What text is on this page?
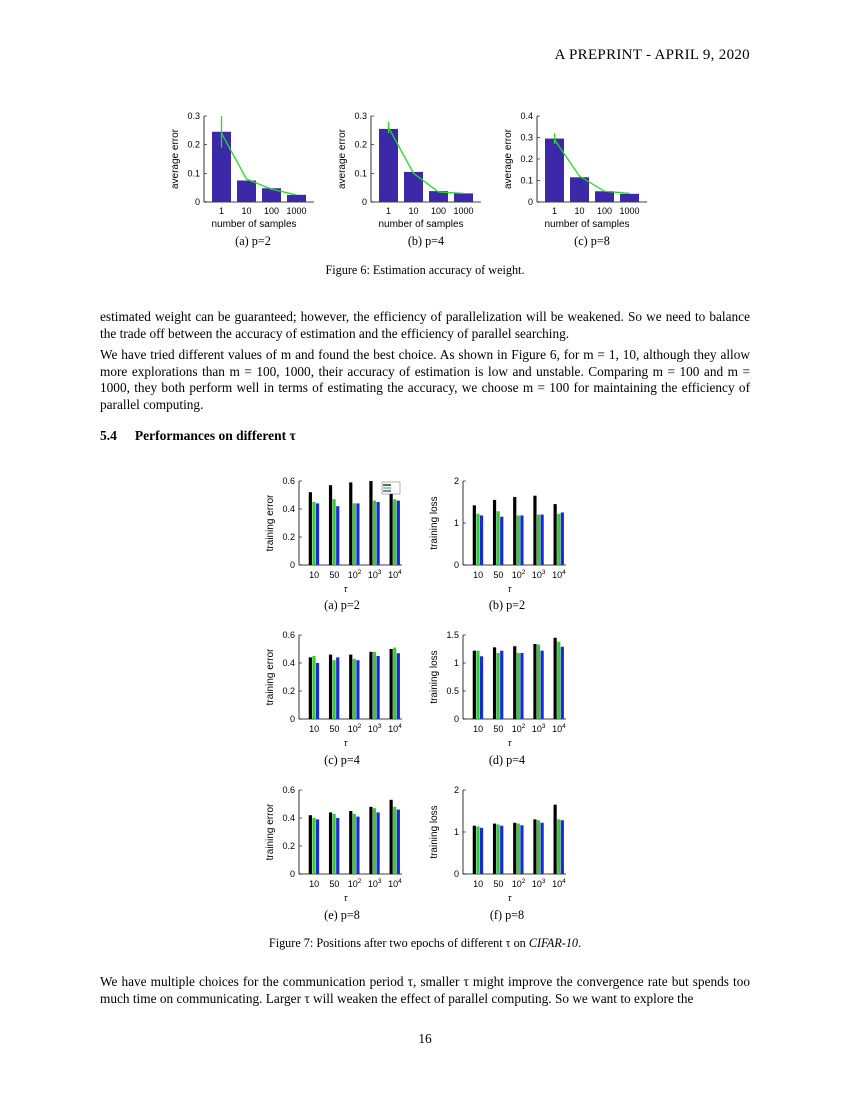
A PREPRINT - APRIL 9, 2020
0
0.1
0.2
0.3
average error
1 10 100 1000
number of samples
0
0.1
0.2
0.3
average error
1 10 100 1000
number of samples
0
0.1
0.2
0.3
0.4
average error
1 10 100 1000
number of samples
(a) p=2	(b) p=4	(c) p=8
Figure 6: Estimation accuracy of weight.
estimated weight can be guaranteed; however, the efficiency of parallelization will be weakened. So we need to balance the trade off between the accuracy of estimation and the efficiency of parallel searching.
We have tried different values of m and found the best choice. As shown in Figure 6, for m = 1, 10, although they allow more explorations than m = 100, 1000, their accuracy of estimation is low and unstable. Comparing m = 100 and m = 1000, they both perform well in terms of estimating the accuracy, we choose m = 100 for maintaining the efficiency of parallel computing.
5.4 Performances on different τ
0
0.2
0.4
0.6
training error
10 50 $10^2$ $10^3$ $10^4$
τ
0
1
2
training loss
10 50 $10^2$ $10^3$ $10^4$
τ
0
0.2
0.4
0.6
training error
10 50 $10^2$ $10^3$ $10^4$
τ
0
0.5
1
1.5
training loss
10 50 $10^2$ $10^3$ $10^4$
τ
0
0.2
0.4
0.6
training error
10 50 $10^2$ $10^3$ $10^4$
τ
0
1
2
training loss
10 50 $10^2$ $10^3$ $10^4$
τ
(a) p=2	(b) p=2
(c) p=4	(d) p=4
(e) p=8	(f) p=8
Figure 7: Positions after two epochs of different τ on CIFAR-10.
We have multiple choices for the communication period τ, smaller τ might improve the convergence rate but spends too much time on communicating. Larger τ will weaken the effect of parallel computing. So we want to explore the
16
